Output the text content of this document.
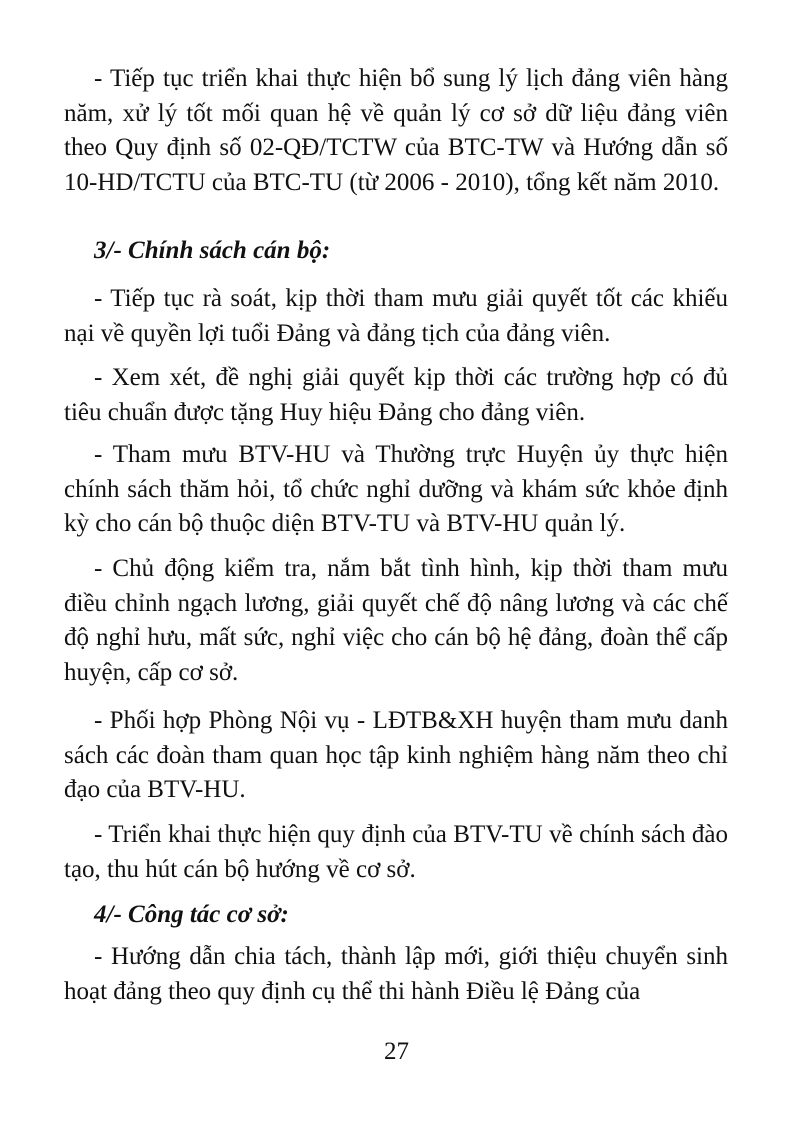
- Tiếp tục triển khai thực hiện bổ sung lý lịch đảng viên hàng năm, xử lý tốt mối quan hệ về quản lý cơ sở dữ liệu đảng viên theo Quy định số 02-QĐ/TCTW của BTC-TW và Hướng dẫn số 10-HD/TCTU của BTC-TU (từ 2006 - 2010), tổng kết năm 2010.

3/- Chính sách cán bộ:

- Tiếp tục rà soát, kịp thời tham mưu giải quyết tốt các khiếu nại về quyền lợi tuổi Đảng và đảng tịch của đảng viên.

- Xem xét, đề nghị giải quyết kịp thời các trường hợp có đủ tiêu chuẩn được tặng Huy hiệu Đảng cho đảng viên.

- Tham mưu BTV-HU và Thường trực Huyện ủy thực hiện chính sách thăm hỏi, tổ chức nghỉ dưỡng và khám sức khỏe định kỳ cho cán bộ thuộc diện BTV-TU và BTV-HU quản lý.

- Chủ động kiểm tra, nắm bắt tình hình, kịp thời tham mưu điều chỉnh ngạch lương, giải quyết chế độ nâng lương và các chế độ nghỉ hưu, mất sức, nghỉ việc cho cán bộ hệ đảng, đoàn thể cấp huyện, cấp cơ sở.

- Phối hợp Phòng Nội vụ - LĐTB&XH huyện tham mưu danh sách các đoàn tham quan học tập kinh nghiệm hàng năm theo chỉ đạo của BTV-HU.

- Triển khai thực hiện quy định của BTV-TU về chính sách đào tạo, thu hút cán bộ hướng về cơ sở.

4/- Công tác cơ sở:

- Hướng dẫn chia tách, thành lập mới, giới thiệu chuyển sinh hoạt đảng theo quy định cụ thể thi hành Điều lệ Đảng của

27
